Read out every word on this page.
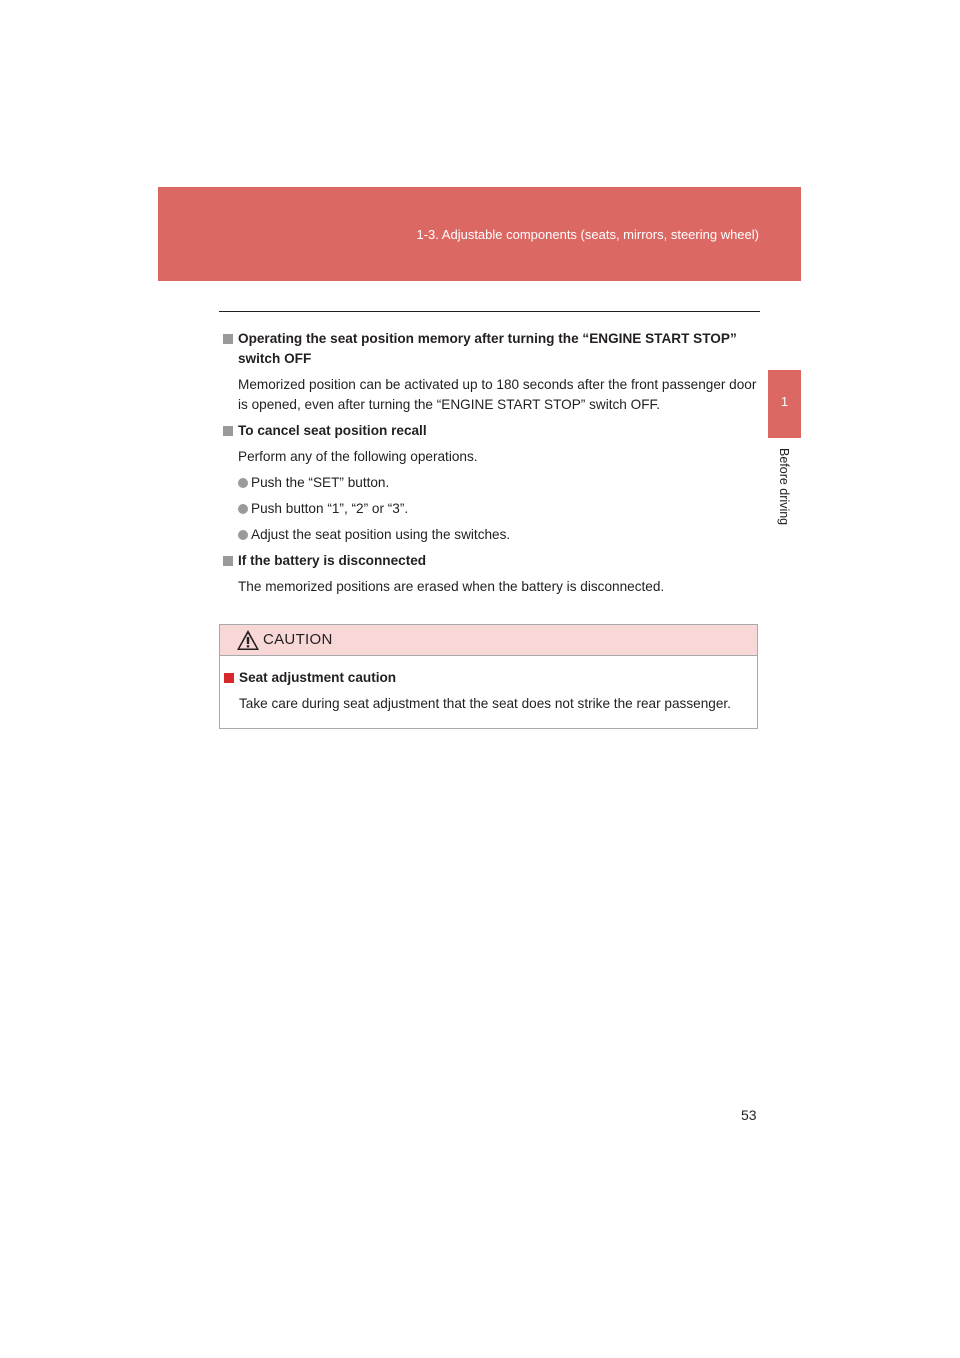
1-3. Adjustable components (seats, mirrors, steering wheel)
1
Before driving
Operating the seat position memory after turning the “ENGINE START STOP” switch OFF
Memorized position can be activated up to 180 seconds after the front passenger door is opened, even after turning the “ENGINE START STOP” switch OFF.
To cancel seat position recall
Perform any of the following operations.
Push the “SET” button.
Push button “1”, “2” or “3”.
Adjust the seat position using the switches.
If the battery is disconnected
The memorized positions are erased when the battery is disconnected.
CAUTION
Seat adjustment caution
Take care during seat adjustment that the seat does not strike the rear passenger.
53
